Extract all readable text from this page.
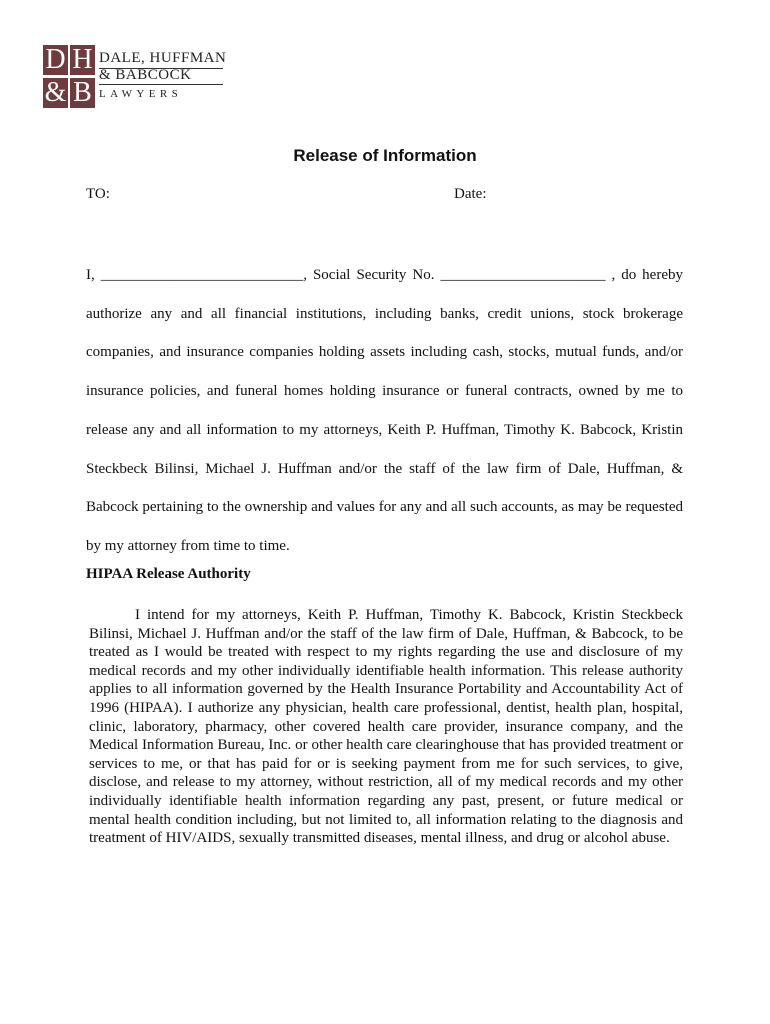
D H
& B
DALE, HUFFMAN
& BABCOCK
LAWYERS
Release of Information
TO:	Date:
I, ___________________________, Social Security No. ______________________ , do hereby authorize any and all financial institutions, including banks, credit unions, stock brokerage companies, and insurance companies holding assets including cash, stocks, mutual funds, and/or insurance policies, and funeral homes holding insurance or funeral contracts, owned by me to release any and all information to my attorneys, Keith P. Huffman, Timothy K. Babcock, Kristin Steckbeck Bilinsi, Michael J. Huffman and/or the staff of the law firm of Dale, Huffman, & Babcock pertaining to the ownership and values for any and all such accounts, as may be requested by my attorney from time to time.
HIPAA Release Authority
I intend for my attorneys, Keith P. Huffman, Timothy K. Babcock, Kristin Steckbeck Bilinsi, Michael J. Huffman and/or the staff of the law firm of Dale, Huffman, & Babcock, to be treated as I would be treated with respect to my rights regarding the use and disclosure of my medical records and my other individually identifiable health information. This release authority applies to all information governed by the Health Insurance Portability and Accountability Act of 1996 (HIPAA). I authorize any physician, health care professional, dentist, health plan, hospital, clinic, laboratory, pharmacy, other covered health care provider, insurance company, and the Medical Information Bureau, Inc. or other health care clearinghouse that has provided treatment or services to me, or that has paid for or is seeking payment from me for such services, to give, disclose, and release to my attorney, without restriction, all of my medical records and my other individually identifiable health information regarding any past, present, or future medical or mental health condition including, but not limited to, all information relating to the diagnosis and treatment of HIV/AIDS, sexually transmitted diseases, mental illness, and drug or alcohol abuse.
